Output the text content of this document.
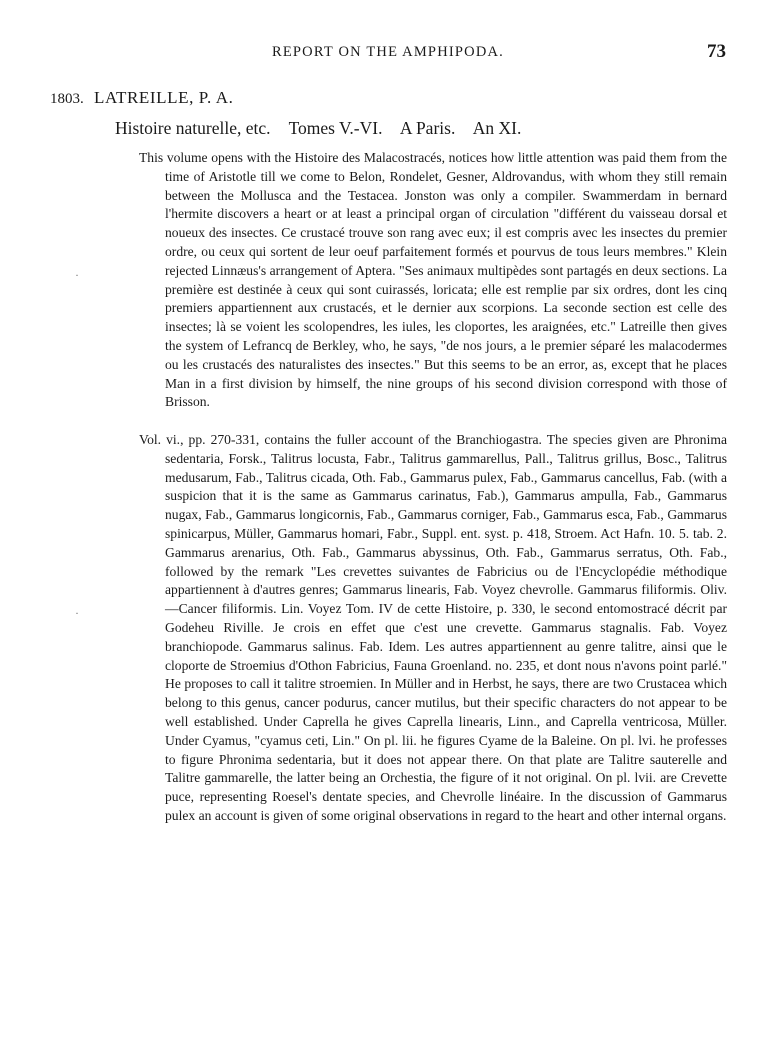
REPORT ON THE AMPHIPODA.	73
1803. LATREILLE, P. A.
Histoire naturelle, etc. Tomes V.-VI. A Paris. An XI.
·
·

This volume opens with the Histoire des Malacostracés, notices how little attention was paid them from the time of Aristotle till we come to Belon, Rondelet, Gesner, Aldrovandus, with whom they still remain between the Mollusca and the Testacea. Jonston was only a compiler. Swammerdam in bernard l'hermite discovers a heart or at least a principal organ of circulation "différent du vaisseau dorsal et noueux des insectes. Ce crustacé trouve son rang avec eux; il est compris avec les insectes du premier ordre, ou ceux qui sortent de leur oeuf parfaitement formés et pourvus de tous leurs membres." Klein rejected Linnæus's arrangement of Aptera. "Ses animaux multipèdes sont partagés en deux sections. La première est destinée à ceux qui sont cuirassés, loricata; elle est remplie par six ordres, dont les cinq premiers appartiennent aux crustacés, et le dernier aux scorpions. La seconde section est celle des insectes; là se voient les scolopendres, les iules, les cloportes, les araignées, etc." Latreille then gives the system of Lefrancq de Berkley, who, he says, "de nos jours, a le premier séparé les malacodermes ou les crustacés des naturalistes des insectes." But this seems to be an error, as, except that he places Man in a first division by himself, the nine groups of his second division correspond with those of Brisson.

Vol. vi., pp. 270-331, contains the fuller account of the Branchiogastra. The species given are Phronima sedentaria, Forsk., Talitrus locusta, Fabr., Talitrus gammarellus, Pall., Talitrus grillus, Bosc., Talitrus medusarum, Fab., Talitrus cicada, Oth. Fab., Gammarus pulex, Fab., Gammarus cancellus, Fab. (with a suspicion that it is the same as Gammarus carinatus, Fab.), Gammarus ampulla, Fab., Gammarus nugax, Fab., Gammarus longicornis, Fab., Gammarus corniger, Fab., Gammarus esca, Fab., Gammarus spinicarpus, Müller, Gammarus homari, Fabr., Suppl. ent. syst. p. 418, Stroem. Act Hafn. 10. 5. tab. 2. Gammarus arenarius, Oth. Fab., Gammarus abyssinus, Oth. Fab., Gammarus serratus, Oth. Fab., followed by the remark "Les crevettes suivantes de Fabricius ou de l'Encyclopédie méthodique appartiennent à d'autres genres; Gammarus linearis, Fab. Voyez chevrolle. Gammarus filiformis. Oliv.—Cancer filiformis. Lin. Voyez Tom. IV de cette Histoire, p. 330, le second entomostracé décrit par Godeheu Riville. Je crois en effet que c'est une crevette. Gammarus stagnalis. Fab. Voyez branchiopode. Gammarus salinus. Fab. Idem. Les autres appartiennent au genre talitre, ainsi que le cloporte de Stroemius d'Othon Fabricius, Fauna Groenland. no. 235, et dont nous n'avons point parlé." He proposes to call it talitre stroemien. In Müller and in Herbst, he says, there are two Crustacea which belong to this genus, cancer podurus, cancer mutilus, but their specific characters do not appear to be well established. Under Caprella he gives Caprella linearis, Linn., and Caprella ventricosa, Müller. Under Cyamus, "cyamus ceti, Lin." On pl. lii. he figures Cyame de la Baleine. On pl. lvi. he professes to figure Phronima sedentaria, but it does not appear there. On that plate are Talitre sauterelle and Talitre gammarelle, the latter being an Orchestia, the figure of it not original. On pl. lvii. are Crevette puce, representing Roesel's dentate species, and Chevrolle linéaire. In the discussion of Gammarus pulex an account is given of some original observations in regard to the heart and other internal organs.
